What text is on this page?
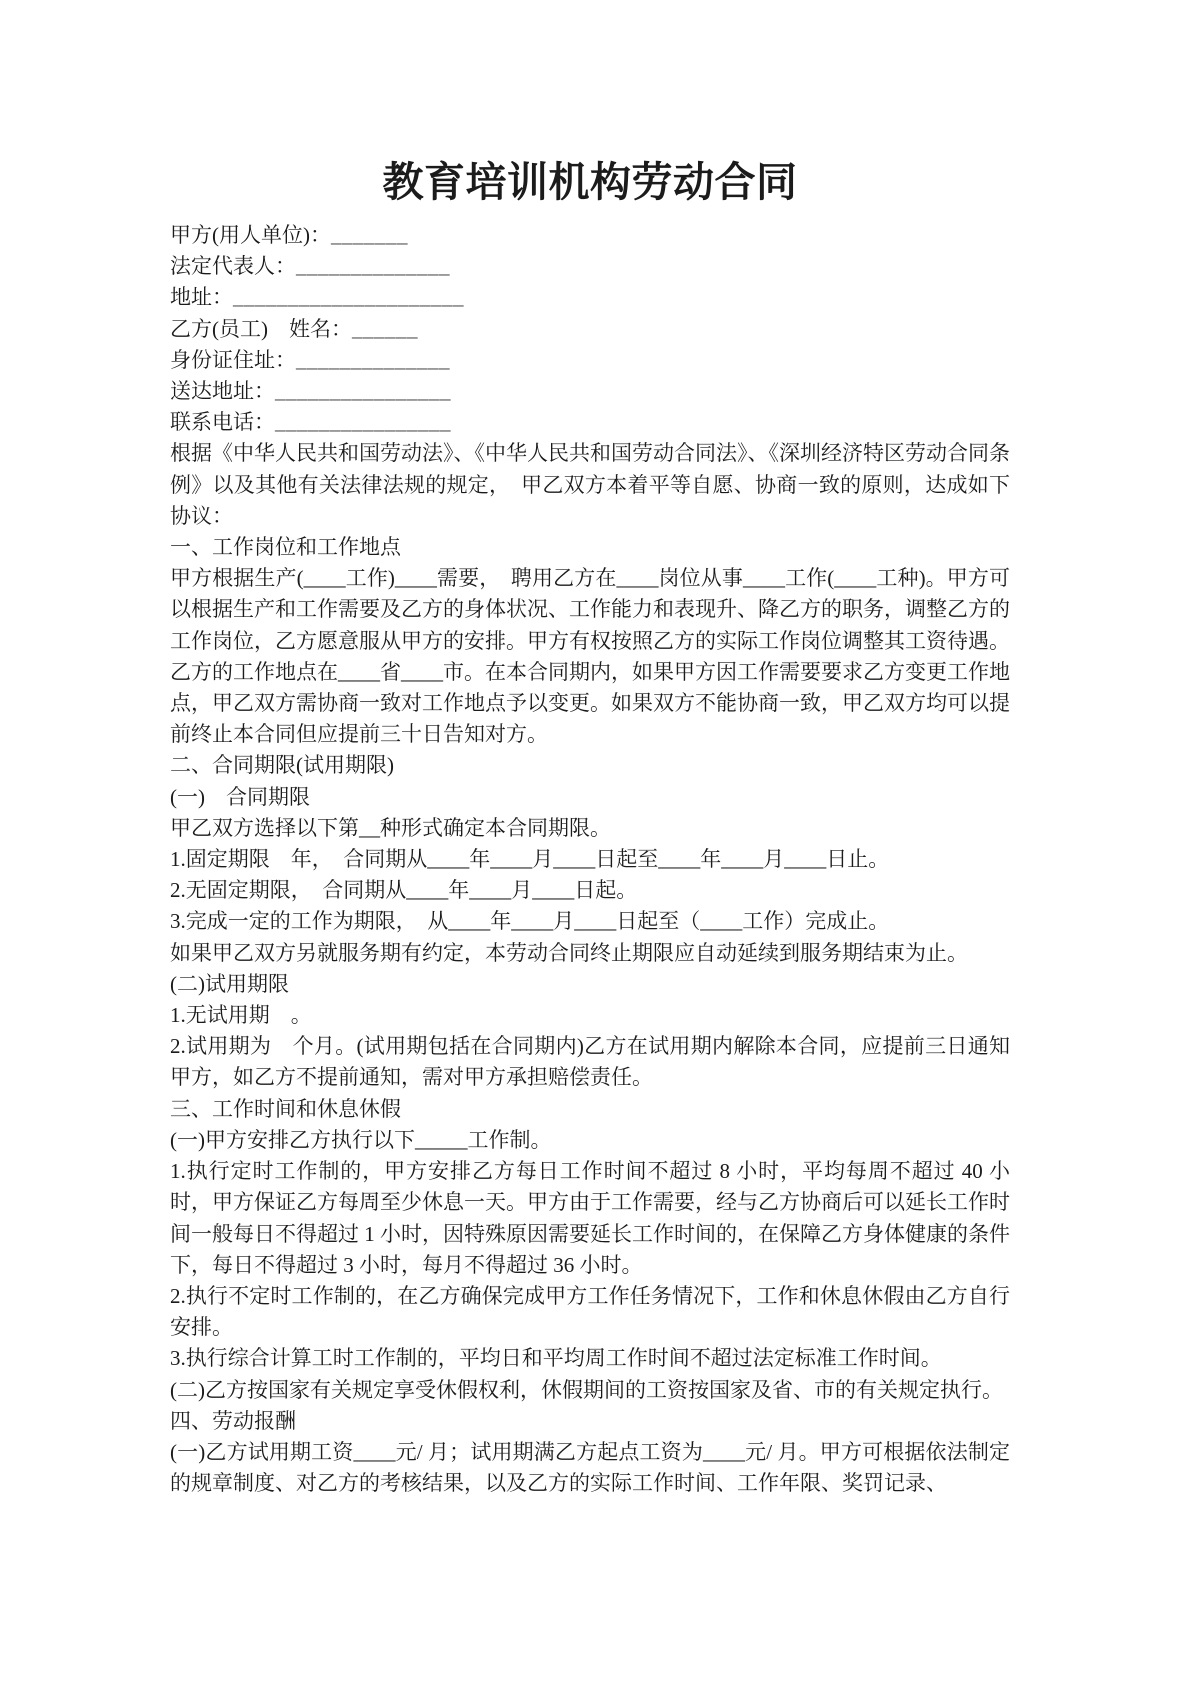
教育培训机构劳动合同

甲方(用人单位)：_______

法定代表人：______________

地址：_____________________

乙方(员工)　姓名：______

身份证住址：______________

送达地址：________________

联系电话：________________

根据《中华人民共和国劳动法》、《中华人民共和国劳动合同法》、《深圳经济特区劳动合同条例》以及其他有关法律法规的规定，　甲乙双方本着平等自愿、协商一致的原则，达成如下协议：

一、工作岗位和工作地点

甲方根据生产(____工作)____需要，　聘用乙方在____岗位从事____工作(____工种)。甲方可以根据生产和工作需要及乙方的身体状况、工作能力和表现升、降乙方的职务，调整乙方的工作岗位，乙方愿意服从甲方的安排。甲方有权按照乙方的实际工作岗位调整其工资待遇。

乙方的工作地点在____省____市。在本合同期内，如果甲方因工作需要要求乙方变更工作地点，甲乙双方需协商一致对工作地点予以变更。如果双方不能协商一致，甲乙双方均可以提前终止本合同但应提前三十日告知对方。

二、合同期限(试用期限)

(一)　合同期限

甲乙双方选择以下第__种形式确定本合同期限。

1.固定期限　年，　合同期从____年____月____日起至____年____月____日止。

2.无固定期限，　合同期从____年____月____日起。

3.完成一定的工作为期限，　从____年____月____日起至（____工作）完成止。

如果甲乙双方另就服务期有约定，本劳动合同终止期限应自动延续到服务期结束为止。

(二)试用期限

1.无试用期　。

2.试用期为　个月。(试用期包括在合同期内)乙方在试用期内解除本合同，应提前三日通知甲方，如乙方不提前通知，需对甲方承担赔偿责任。

三、工作时间和休息休假

(一)甲方安排乙方执行以下_____工作制。

1.执行定时工作制的，甲方安排乙方每日工作时间不超过 8 小时，平均每周不超过 40 小时，甲方保证乙方每周至少休息一天。甲方由于工作需要，经与乙方协商后可以延长工作时间一般每日不得超过 1 小时，因特殊原因需要延长工作时间的，在保障乙方身体健康的条件下，每日不得超过 3 小时，每月不得超过 36 小时。

2.执行不定时工作制的，在乙方确保完成甲方工作任务情况下，工作和休息休假由乙方自行安排。

3.执行综合计算工时工作制的，平均日和平均周工作时间不超过法定标准工作时间。

(二)乙方按国家有关规定享受休假权利，休假期间的工资按国家及省、市的有关规定执行。

四、劳动报酬

(一)乙方试用期工资____元/ 月；试用期满乙方起点工资为____元/ 月。甲方可根据依法制定的规章制度、对乙方的考核结果，以及乙方的实际工作时间、工作年限、奖罚记录、
